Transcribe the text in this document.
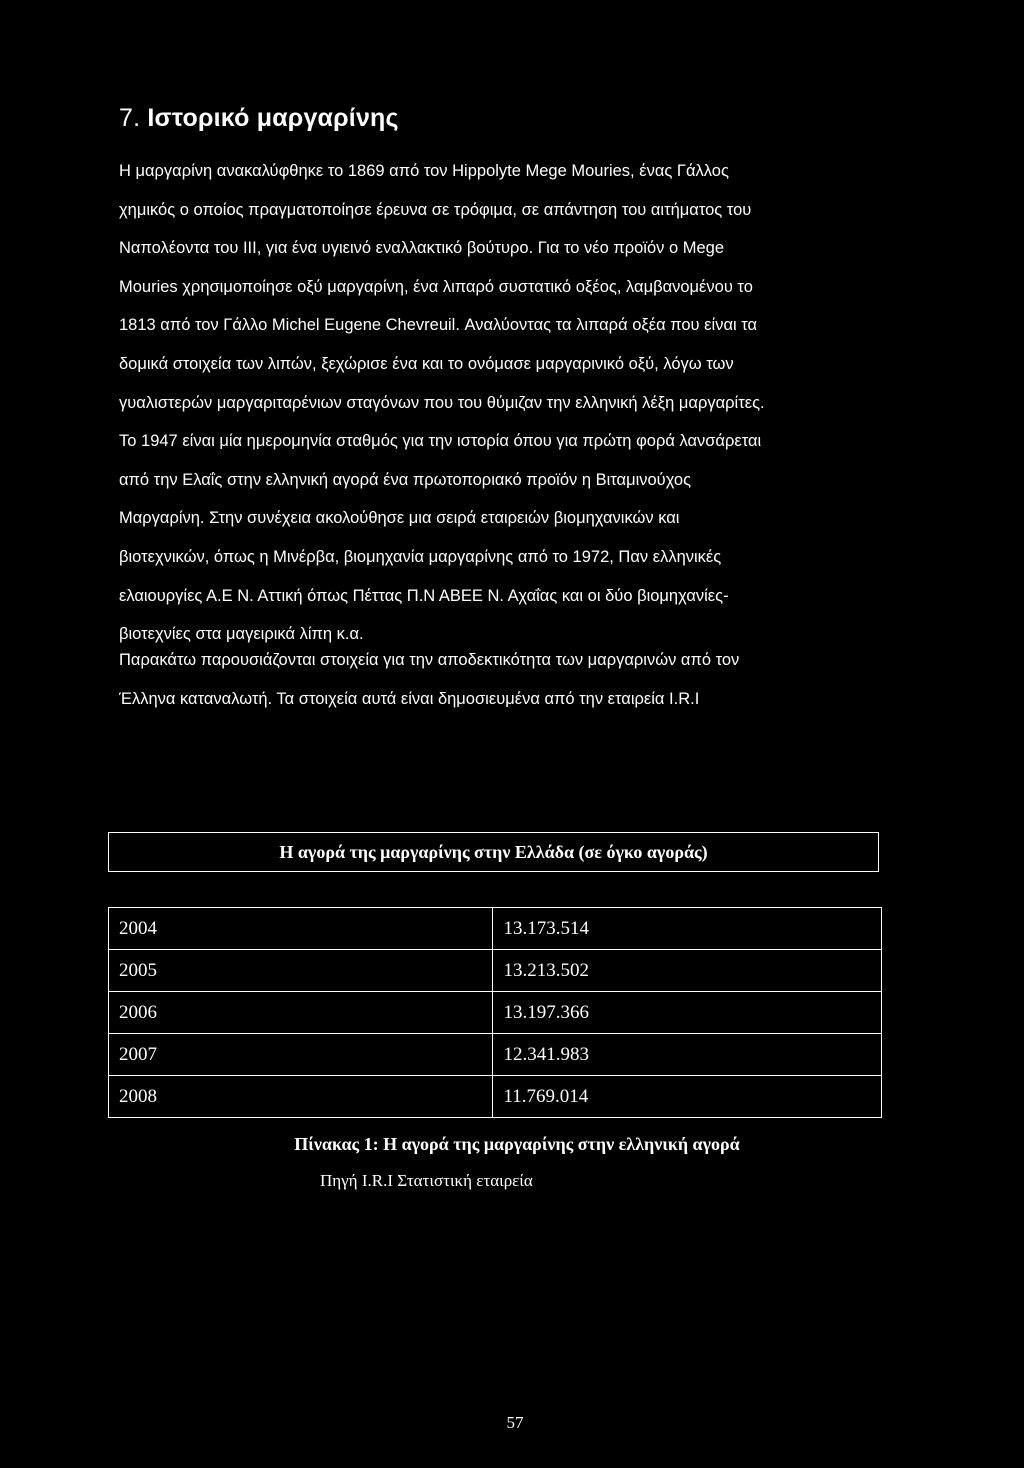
7. Ιστορικό μαργαρίνης
Η μαργαρίνη ανακαλύφθηκε το 1869 από τον Hippolyte Mege Mouries, ένας Γάλλος
χημικός ο οποίος πραγματοποίησε έρευνα σε τρόφιμα, σε απάντηση του αιτήματος του
Ναπολέοντα του III, για ένα υγιεινό εναλλακτικό βούτυρο. Για το νέο προϊόν ο Mege
Mouries χρησιμοποίησε οξύ μαργαρίνη, ένα λιπαρό συστατικό οξέος, λαμβανομένου το
1813 από τον Γάλλο Michel Eugene Chevreuil. Αναλύοντας τα λιπαρά οξέα που είναι τα
δομικά στοιχεία των λιπών, ξεχώρισε ένα και το ονόμασε μαργαρινικό οξύ, λόγω των
γυαλιστερών μαργαριταρένιων σταγόνων που του θύμιζαν την ελληνική λέξη μαργαρίτες.
Το 1947 είναι μία ημερομηνία σταθμός για την ιστορία όπου για πρώτη φορά λανσάρεται
από την Ελαΐς στην ελληνική αγορά ένα πρωτοποριακό προϊόν η Βιταμινούχος
Μαργαρίνη. Στην συνέχεια ακολούθησε μια σειρά εταιρειών βιομηχανικών και
βιοτεχνικών, όπως η Μινέρβα, βιομηχανία μαργαρίνης από το 1972, Παν ελληνικές
ελαιουργίες Α.Ε Ν. Αττική όπως Πέττας Π.Ν ΑΒΕΕ Ν. Αχαΐας και οι δύο βιομηχανίες-
βιοτεχνίες στα μαγειρικά λίπη κ.α.
Παρακάτω παρουσιάζονται στοιχεία για την αποδεκτικότητα των μαργαρινών από τον
Έλληνα καταναλωτή. Τα στοιχεία αυτά είναι δημοσιευμένα από την εταιρεία I.R.I
Η αγορά της μαργαρίνης στην Ελλάδα (σε όγκο αγοράς)
2004	13.173.514
2005	13.213.502
2006	13.197.366
2007	12.341.983
2008	11.769.014
Πίνακας 1: Η αγορά της μαργαρίνης στην ελληνική αγορά
Πηγή I.R.I Στατιστική εταιρεία
57
